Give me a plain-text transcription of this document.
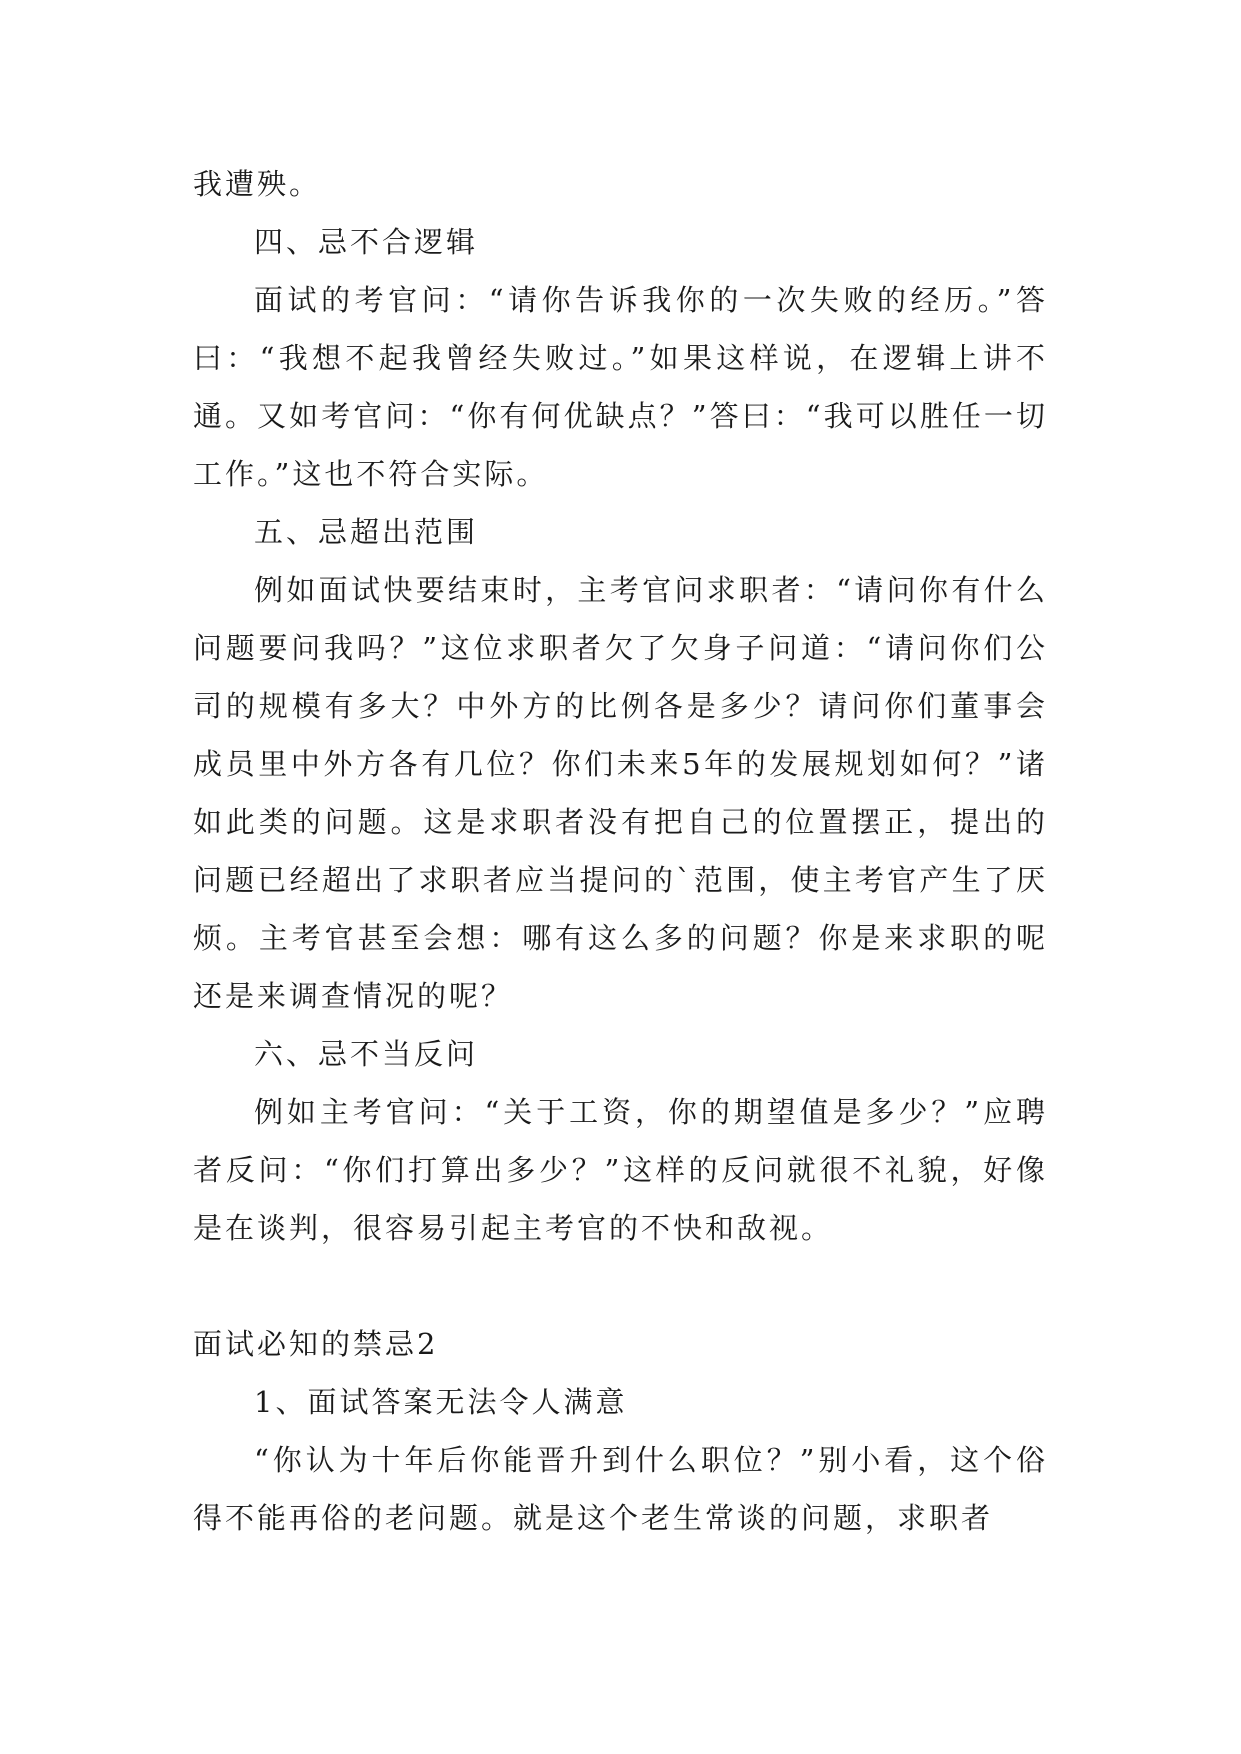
我遭殃。

四、忌不合逻辑

面试的考官问：“请你告诉我你的一次失败的经历。”答曰：“我想不起我曾经失败过。”如果这样说，在逻辑上讲不通。又如考官问：“你有何优缺点？”答曰：“我可以胜任一切工作。”这也不符合实际。

五、忌超出范围

例如面试快要结束时，主考官问求职者：“请问你有什么问题要问我吗？”这位求职者欠了欠身子问道：“请问你们公司的规模有多大？中外方的比例各是多少？请问你们董事会成员里中外方各有几位？你们未来5年的发展规划如何？”诸如此类的问题。这是求职者没有把自己的位置摆正，提出的问题已经超出了求职者应当提问的`范围，使主考官产生了厌烦。主考官甚至会想：哪有这么多的问题？你是来求职的呢还是来调查情况的呢？

六、忌不当反问

例如主考官问：“关于工资，你的期望值是多少？”应聘者反问：“你们打算出多少？”这样的反问就很不礼貌，好像是在谈判，很容易引起主考官的不快和敌视。

面试必知的禁忌2

1、面试答案无法令人满意

“你认为十年后你能晋升到什么职位？”别小看，这个俗得不能再俗的老问题。就是这个老生常谈的问题，求职者
